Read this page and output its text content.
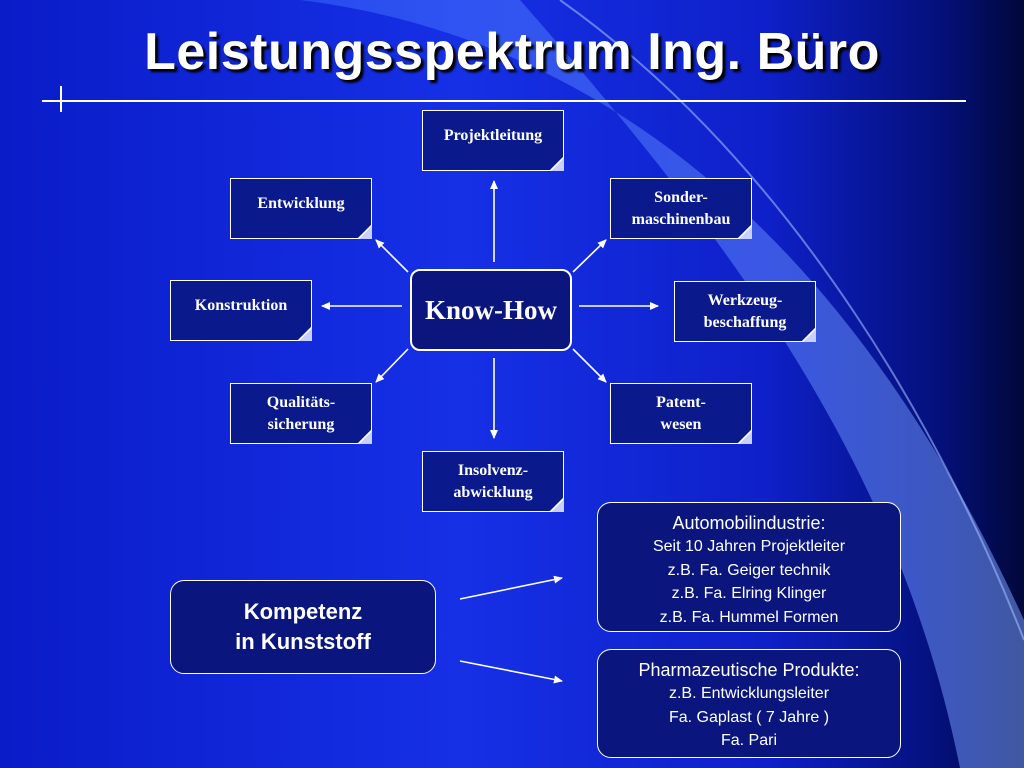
Leistungsspektrum Ing. Büro
Know-How
Projektleitung
Entwicklung	Sonder-
maschinenbau
Konstruktion	Werkzeug-
beschaffung
Qualitäts-
sicherung
Patent-
wesen
Insolvenz-
abwicklung
Kompetenz
in Kunststoff
Automobilindustrie:
Seit 10 Jahren Projektleiter
z.B. Fa. Geiger technik
z.B. Fa. Elring Klinger
z.B. Fa. Hummel Formen
Pharmazeutische Produkte:
z.B. Entwicklungsleiter
Fa. Gaplast ( 7 Jahre )
Fa. Pari
